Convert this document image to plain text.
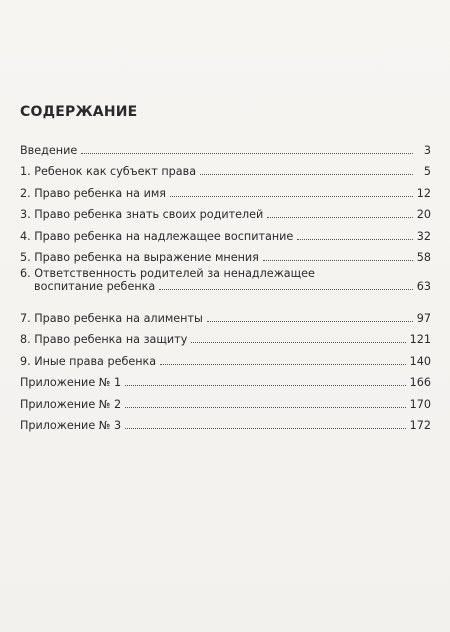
СОДЕРЖАНИЕ
Введение	3
1. Ребенок как субъект права	5
2. Право ребенка на имя	12
3. Право ребенка знать своих родителей	20
4. Право ребенка на надлежащее воспитание	32
5. Право ребенка на выражение мнения	58
6. Ответственность родителей за ненадлежащее
воспитание ребенка	63
7. Право ребенка на алименты	97
8. Право ребенка на защиту	121
9. Иные права ребенка	140
Приложение № 1	166
Приложение № 2	170
Приложение № 3	172
